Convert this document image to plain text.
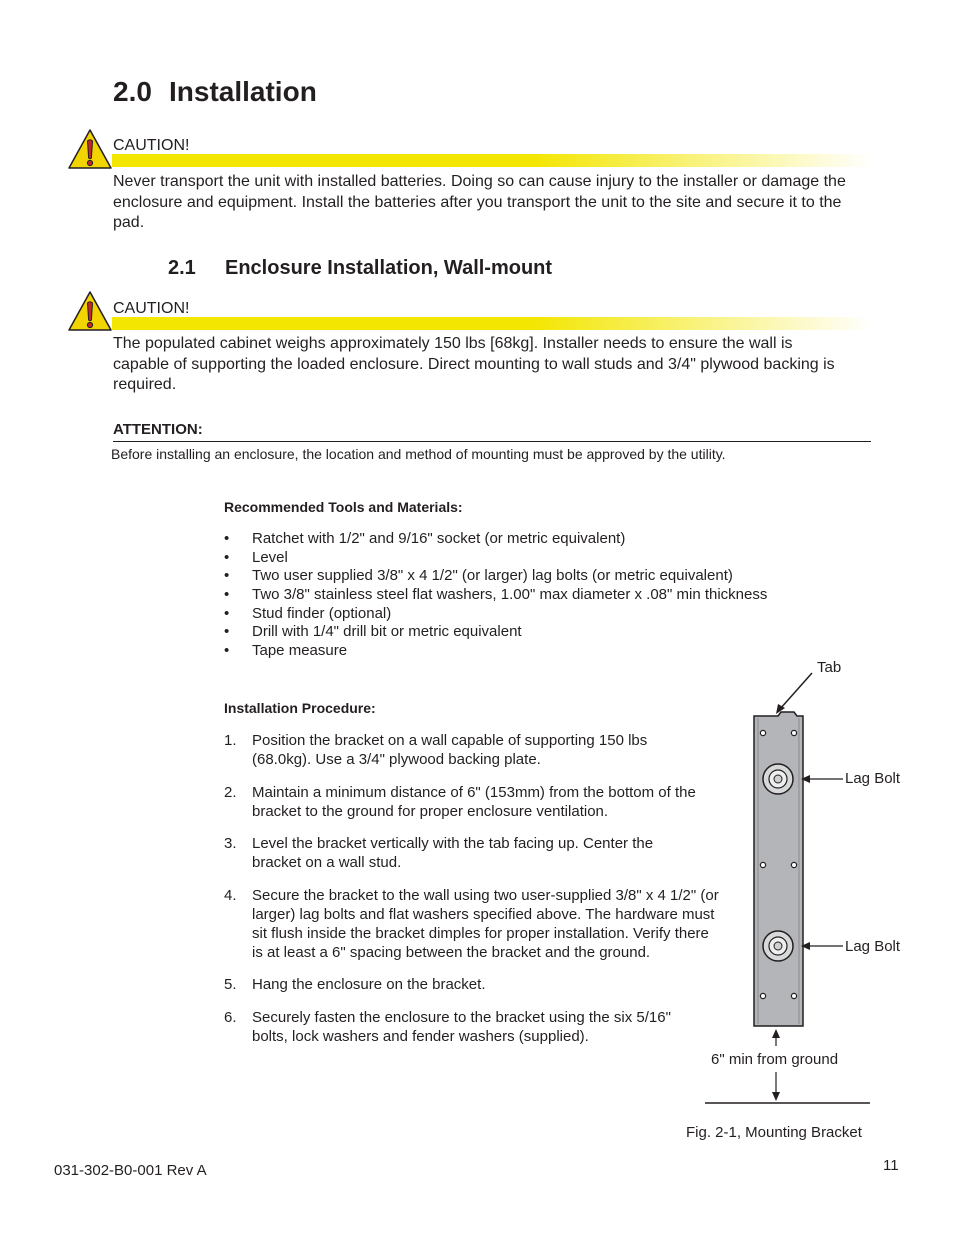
2.0 Installation
CAUTION!

Never transport the unit with installed batteries. Doing so can cause injury to the installer or damage the enclosure and equipment. Install the batteries after you transport the unit to the site and secure it to the pad.

2.1 Enclosure Installation, Wall-mount
CAUTION!

The populated cabinet weighs approximately 150 lbs [68kg]. Installer needs to ensure the wall is capable of supporting the loaded enclosure. Direct mounting to wall studs and 3/4" plywood backing is required.

ATTENTION:
Before installing an enclosure, the location and method of mounting must be approved by the utility.
Recommended Tools and Materials:
• Ratchet with 1/2" and 9/16" socket (or metric equivalent)
• Level
• Two user supplied 3/8" x 4 1/2" (or larger) lag bolts (or metric equivalent)
• Two 3/8" stainless steel flat washers, 1.00" max diameter x .08" min thickness
• Stud finder (optional)
• Drill with 1/4" drill bit or metric equivalent
• Tape measure
Installation Procedure:
1. Position the bracket on a wall capable of supporting 150 lbs (68.0kg). Use a 3/4" plywood backing plate.
2. Maintain a minimum distance of 6" (153mm) from the bottom of the bracket to the ground for proper enclosure ventilation.
3. Level the bracket vertically with the tab facing up. Center the bracket on a wall stud.
4. Secure the bracket to the wall using two user-supplied 3/8" x 4 1/2" (or larger) lag bolts and flat washers specified above. The hardware must sit flush inside the bracket dimples for proper installation. Verify there is at least a 6" spacing between the bracket and the ground.
5. Hang the enclosure on the bracket.
6. Securely fasten the enclosure to the bracket using the six 5/16" bolts, lock washers and fender washers (supplied).
Tab
Lag Bolt
Lag Bolt
6" min from ground
Fig. 2-1, Mounting Bracket
031-302-B0-001 Rev A	11
